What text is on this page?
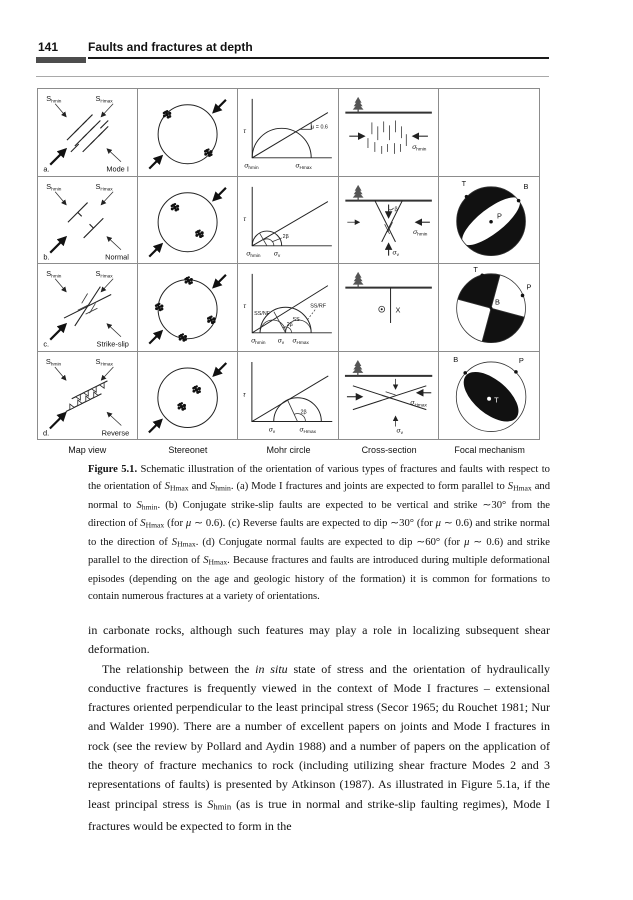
141 Faults and fractures at depth
$S_{hmin}$	$S_{Hmax}$
a.	Mode I
τ
μ = 0.6
$\sigma_{hmin}$	$\sigma_{Hmax}$
$\sigma_{hmin}$
$S_{hmin}$	$S_{Hmax}$
b.	Normal
τ
2β
$\sigma_{hmin}$ $\sigma_v$
β
$\sigma_{hmin}$
$\sigma_v$
T	B
P
$S_{hmin}$	$S_{Hmax}$
c.	Strike-slip
τ
2β
SS/NF
SS
SS/RF
$\sigma_{hmin}$ $\sigma_v$ $\sigma_{Hmax}$
X
T
P
B
$S_{hmin}$	$S_{Hmax}$
d.	Reverse
τ
2β
$\sigma_v$	$\sigma_{Hmax}$
$\sigma_{Hmax}$
$\sigma_v$
B	P
T
Map view	Stereonet	Mohr circle	Cross-section	Focal mechanism
Figure 5.1. Schematic illustration of the orientation of various types of fractures and faults with respect to the orientation of SHmax and Shmin. (a) Mode I fractures and joints are expected to form parallel to SHmax and normal to Shmin. (b) Conjugate strike-slip faults are expected to be vertical and strike ∼30° from the direction of SHmax (for μ ∼ 0.6). (c) Reverse faults are expected to dip ∼30° (for μ ∼ 0.6) and strike normal to the direction of SHmax. (d) Conjugate normal faults are expected to dip ∼60° (for μ ∼ 0.6) and strike parallel to the direction of SHmax. Because fractures and faults are introduced during multiple deformational episodes (depending on the age and geologic history of the formation) it is common for formations to contain numerous fractures at a variety of orientations.

in carbonate rocks, although such features may play a role in localizing subsequent shear deformation.

The relationship between the in situ state of stress and the orientation of hydraulically conductive fractures is frequently viewed in the context of Mode I fractures – extensional fractures oriented perpendicular to the least principal stress (Secor 1965; du Rouchet 1981; Nur and Walder 1990). There are a number of excellent papers on joints and Mode I fractures in rock (see the review by Pollard and Aydin 1988) and a number of papers on the application of the theory of fracture mechanics to rock (including utilizing shear fracture Modes 2 and 3 representations of faults) is presented by Atkinson (1987). As illustrated in Figure 5.1a, if the least principal stress is Shmin (as is true in normal and strike-slip faulting regimes), Mode I fractures would be expected to form in the
